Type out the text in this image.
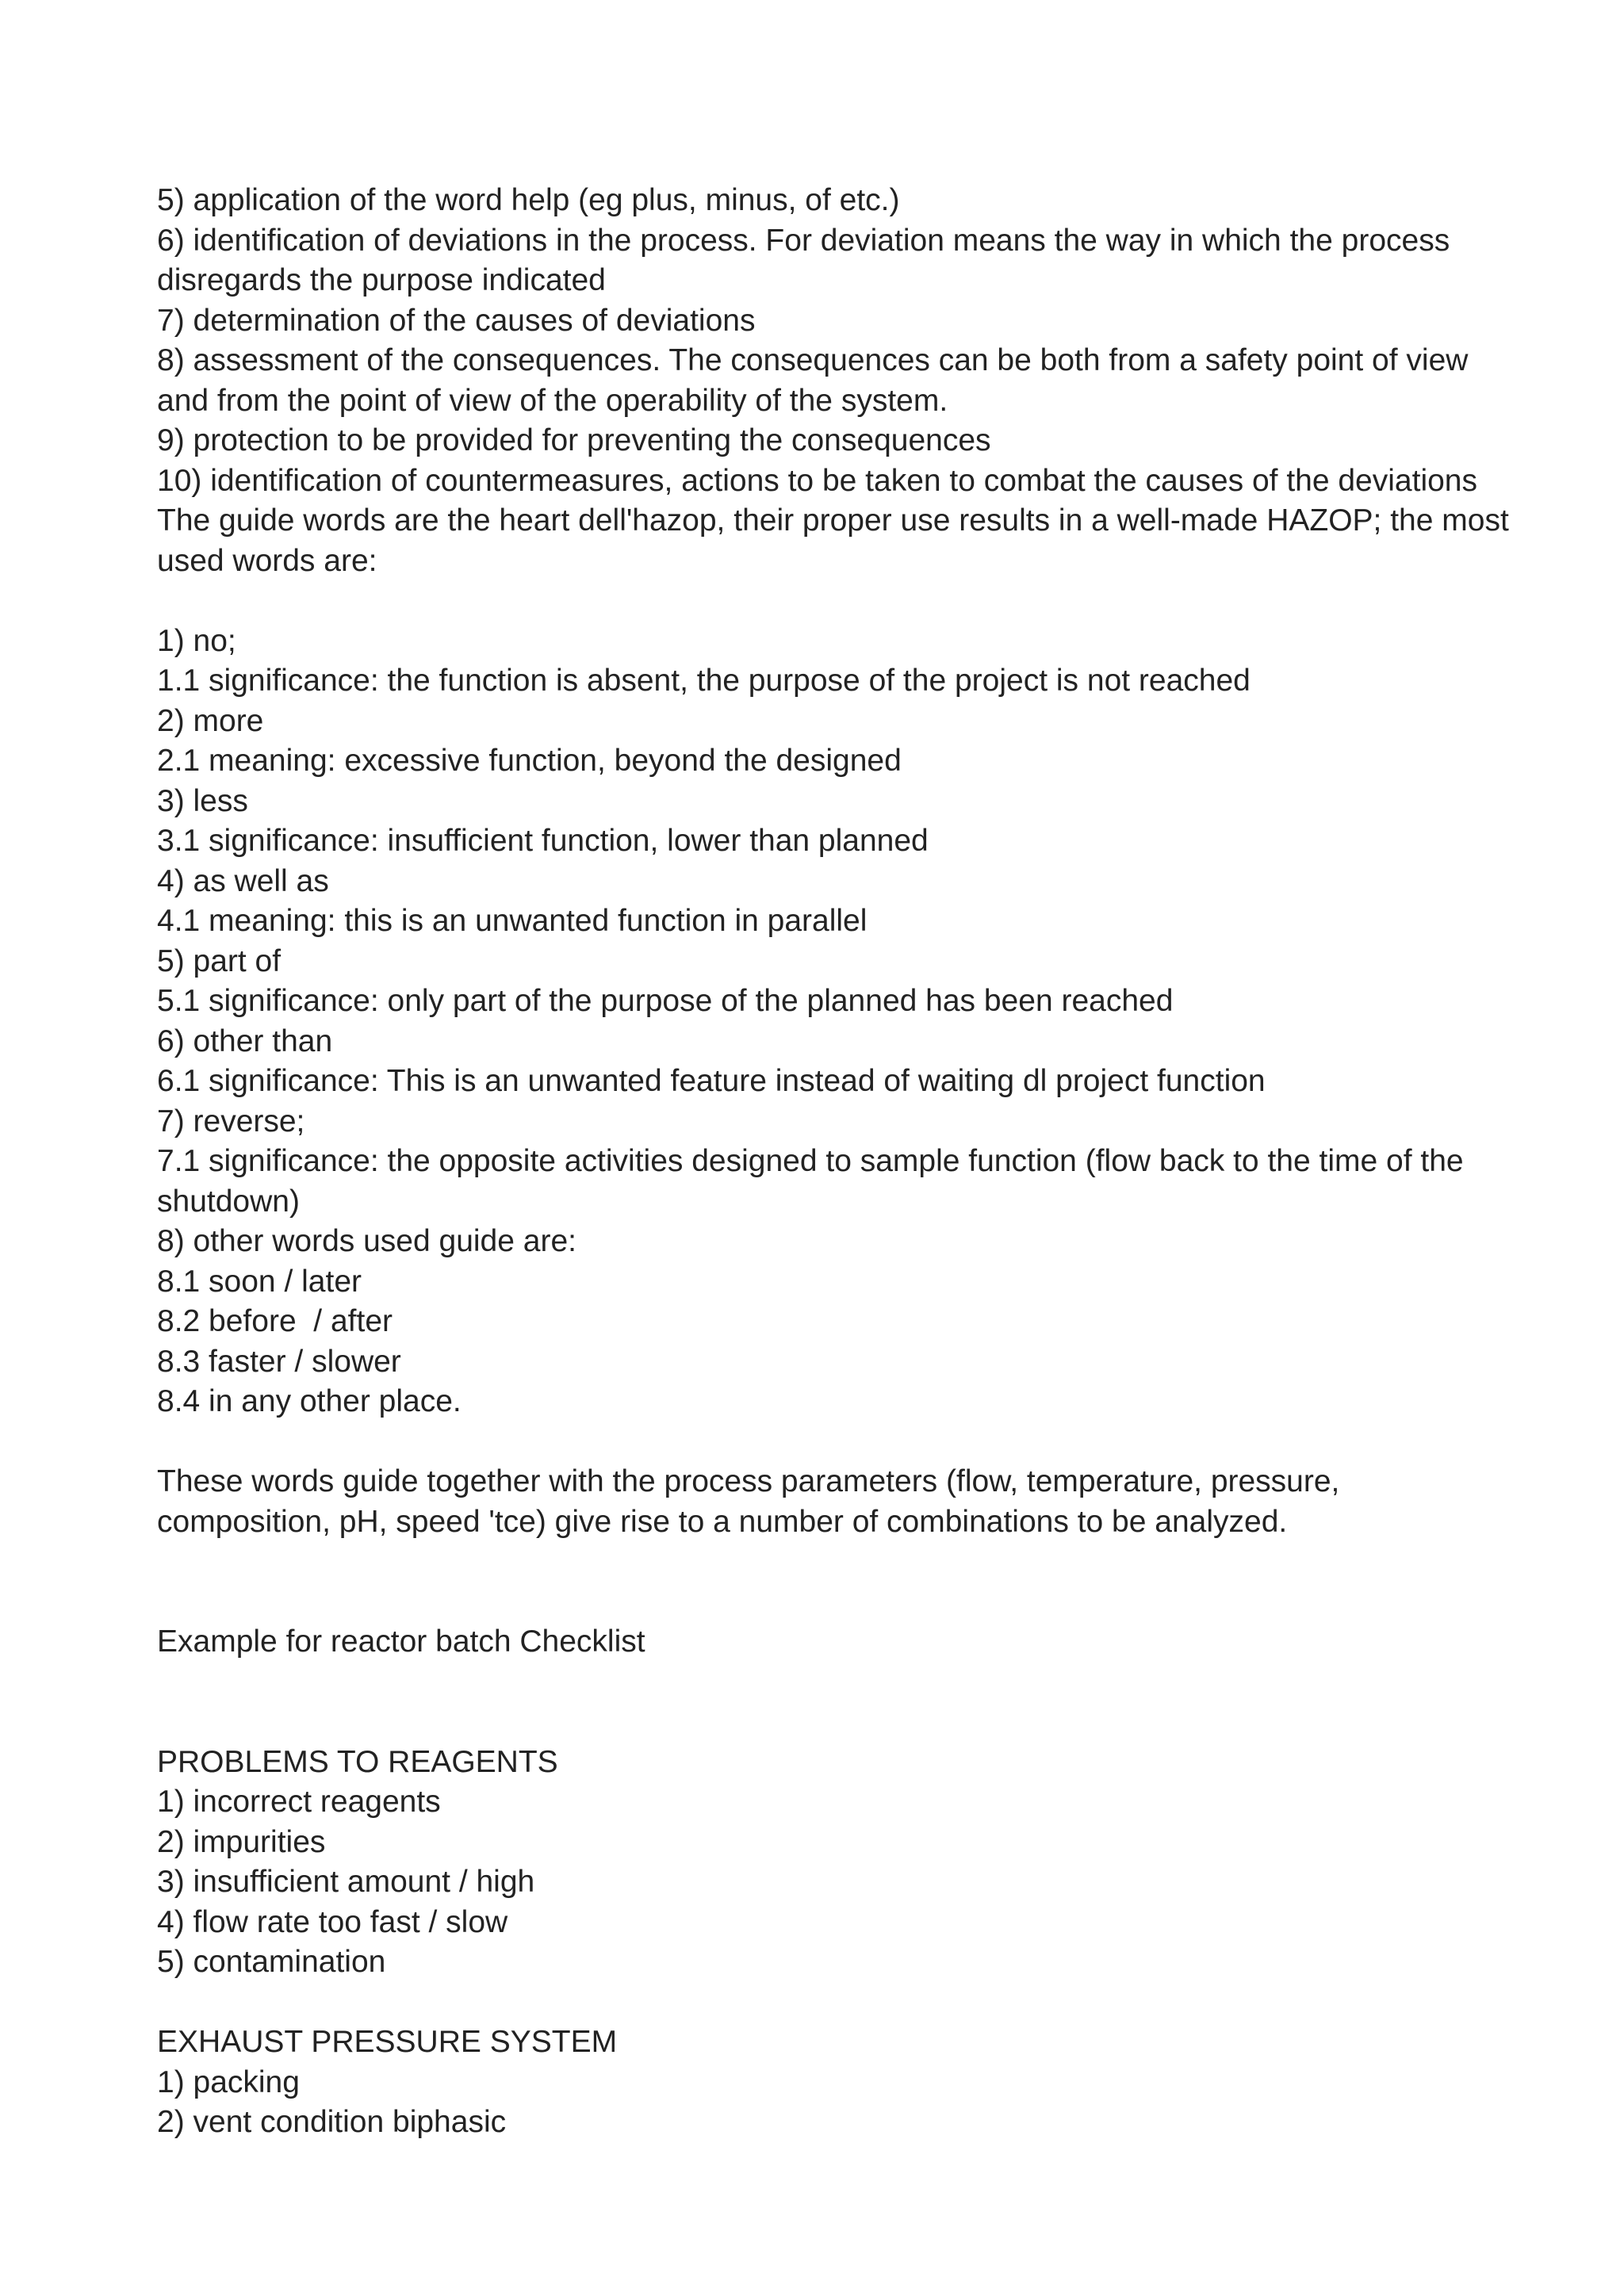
5) application of the word help (eg plus, minus, of etc.)

6) identification of deviations in the process. For deviation means the way in which the process

disregards the purpose indicated

7) determination of the causes of deviations

8) assessment of the consequences. The consequences can be both from a safety point of view

and from the point of view of the operability of the system.

9) protection to be provided for preventing the consequences

10) identification of countermeasures, actions to be taken to combat the causes of the deviations

The guide words are the heart dell'hazop, their proper use results in a well-made HAZOP; the most

used words are:

1) no;

1.1 significance: the function is absent, the purpose of the project is not reached

2) more

2.1 meaning: excessive function, beyond the designed

3) less

3.1 significance: insufficient function, lower than planned

4) as well as

4.1 meaning: this is an unwanted function in parallel

5) part of

5.1 significance: only part of the purpose of the planned has been reached

6) other than

6.1 significance: This is an unwanted feature instead of waiting dl project function

7) reverse;

7.1 significance: the opposite activities designed to sample function (flow back to the time of the

shutdown)

8) other words used guide are:

8.1 soon / later

8.2 before  / after

8.3 faster / slower

8.4 in any other place.

These words guide together with the process parameters (flow, temperature, pressure,

composition, pH, speed 'tce) give rise to a number of combinations to be analyzed.

Example for reactor batch Checklist

PROBLEMS TO REAGENTS

1) incorrect reagents

2) impurities

3) insufficient amount / high

4) flow rate too fast / slow

5) contamination

EXHAUST PRESSURE SYSTEM

1) packing

2) vent condition biphasic
